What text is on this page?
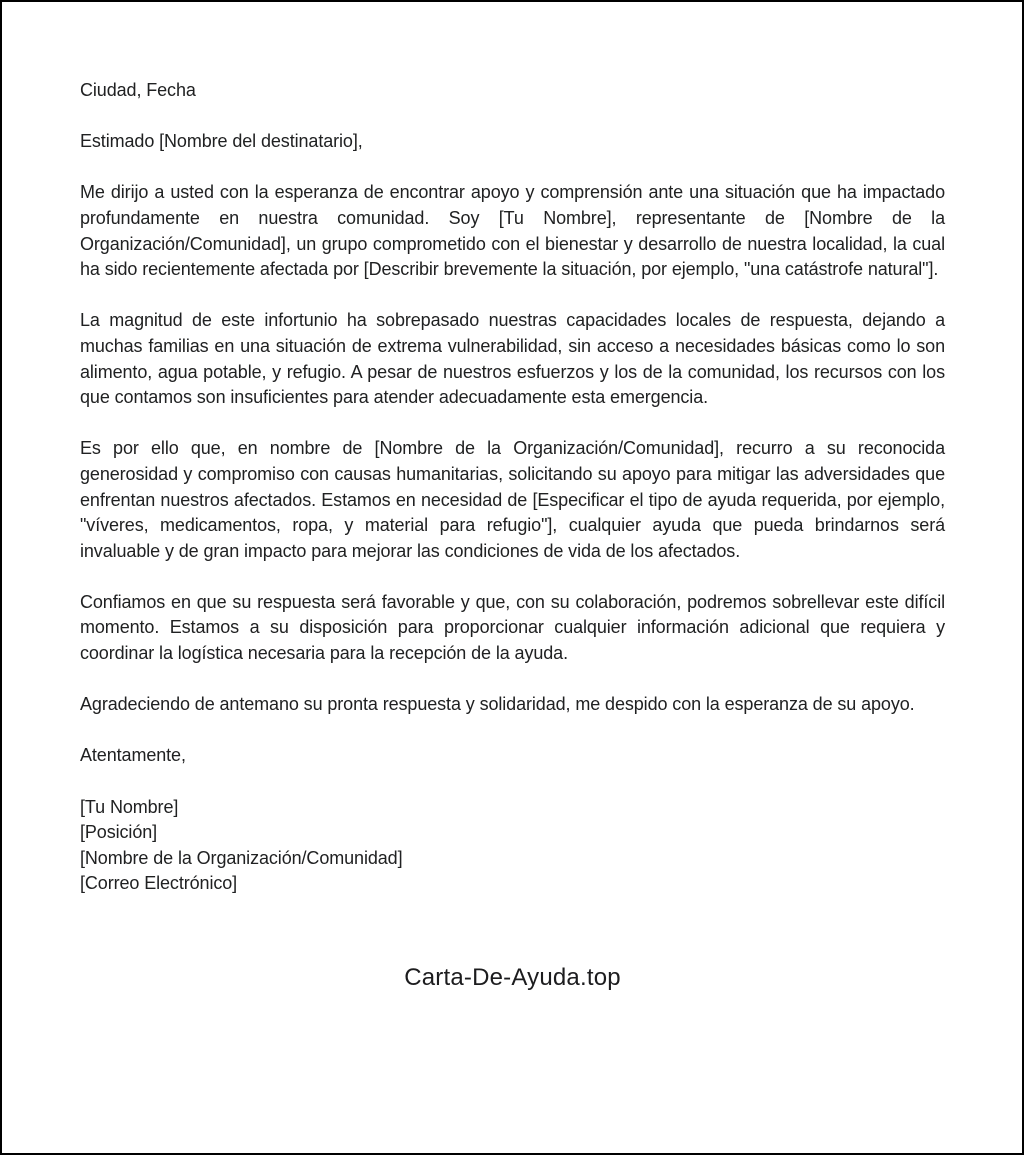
Ciudad, Fecha

Estimado [Nombre del destinatario],

Me dirijo a usted con la esperanza de encontrar apoyo y comprensión ante una situación que ha impactado profundamente en nuestra comunidad. Soy [Tu Nombre], representante de [Nombre de la Organización/Comunidad], un grupo comprometido con el bienestar y desarrollo de nuestra localidad, la cual ha sido recientemente afectada por [Describir brevemente la situación, por ejemplo, "una catástrofe natural"].

La magnitud de este infortunio ha sobrepasado nuestras capacidades locales de respuesta, dejando a muchas familias en una situación de extrema vulnerabilidad, sin acceso a necesidades básicas como lo son alimento, agua potable, y refugio. A pesar de nuestros esfuerzos y los de la comunidad, los recursos con los que contamos son insuficientes para atender adecuadamente esta emergencia.

Es por ello que, en nombre de [Nombre de la Organización/Comunidad], recurro a su reconocida generosidad y compromiso con causas humanitarias, solicitando su apoyo para mitigar las adversidades que enfrentan nuestros afectados. Estamos en necesidad de [Especificar el tipo de ayuda requerida, por ejemplo, "víveres, medicamentos, ropa, y material para refugio"], cualquier ayuda que pueda brindarnos será invaluable y de gran impacto para mejorar las condiciones de vida de los afectados.

Confiamos en que su respuesta será favorable y que, con su colaboración, podremos sobrellevar este difícil momento. Estamos a su disposición para proporcionar cualquier información adicional que requiera y coordinar la logística necesaria para la recepción de la ayuda.

Agradeciendo de antemano su pronta respuesta y solidaridad, me despido con la esperanza de su apoyo.

Atentamente,

[Tu Nombre]
[Posición]
[Nombre de la Organización/Comunidad]
[Correo Electrónico]

Carta-De-Ayuda.top
